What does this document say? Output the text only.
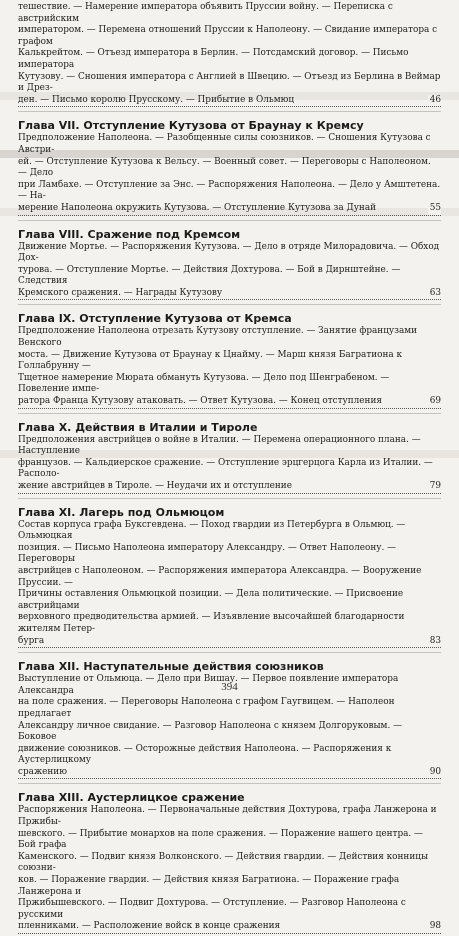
тешествие. — Намерение императора объявить Пруссии войну. — Переписка с австрийским
императором. — Перемена отношений Пруссии к Наполеону. — Свидание императора с графом
Калькрейтом. — Отъезд императора в Берлин. — Потсдамский договор. — Письмо императора
Кутузову. — Сношения императора с Англией в Швецию. — Отъезд из Берлина в Веймар и Дрез-
ден. — Письмо королю Прусскому. — Прибытие в Ольмюц	46
Глава VII. Отступление Кутузова от Браунау к Кремсу
Предположение Наполеона. — Разобщенные силы союзников. — Сношения Кутузова с Австри-
ей. — Отступление Кутузова к Вельсу. — Военный совет. — Переговоры с Наполеоном. — Дело
при Ламбахе. — Отступление за Энс. — Распоряжения Наполеона. — Дело у Амштетена. — На-
мерение Наполеона окружить Кутузова. — Отступление Кутузова за Дунай	55
Глава VIII. Сражение под Кремсом
Движение Мортье. — Распоряжения Кутузова. — Дело в отряде Милорадовича. — Обход Дох-
турова. — Отступление Мортье. — Действия Дохтурова. — Бой в Дирнштейне. — Следствия
Кремского сражения. — Награды Кутузову	63
Глава IX. Отступление Кутузова от Кремса
Предположение Наполеона отрезать Кутузову отступление. — Занятие французами Венского
моста. — Движение Кутузова от Браунау к Цнайму. — Марш князя Багратиона к Голлабрунну —
Тщетное намерение Мюрата обмануть Кутузова. — Дело под Шенграбеном. — Повеление импе-
ратора Франца Кутузову атаковать. — Ответ Кутузова. — Конец отступления	69
Глава X. Действия в Италии и Тироле
Предположения австрийцев о войне в Италии. — Перемена операционного плана. — Наступление
французов. — Кальдиерское сражение. — Отступление эрцгерцога Карла из Италии. — Располо-
жение австрийцев в Тироле. — Неудачи их и отступление	79
Глава XI. Лагерь под Ольмюцом
Состав корпуса графа Буксгевдена. — Поход гвардии из Петербурга в Ольмюц. — Ольмюцкая
позиция. — Письмо Наполеона императору Александру. — Ответ Наполеону. — Переговоры
австрийцев с Наполеоном. — Распоряжения императора Александра. — Вооружение Пруссии. —
Причины оставления Ольмюцкой позиции. — Дела политические. — Присвоение австрийцами
верховного предводительства армией. — Изъявление высочайшей благодарности жителям Петер-
бурга	83
Глава XII. Наступательные действия союзников
Выступление от Ольмюца. — Дело при Вишау. — Первое появление императора Александра
на поле сражения. — Переговоры Наполеона с графом Гаугвицем. — Наполеон предлагает
Александру личное свидание. — Разговор Наполеона с князем Долгоруковым. — Боковое
движение союзников. — Осторожные действия Наполеона. — Распоряжения к Аустерлицкому
сражению	90
Глава XIII. Аустерлицкое сражение
Распоряжения Наполеона. — Первоначальные действия Дохтурова, графа Ланжерона и Пржибы-
шевского. — Прибытие монархов на поле сражения. — Поражение нашего центра. — Бой графа
Каменского. — Подвиг князя Волконского. — Действия гвардии. — Действия конницы союзни-
ков. — Поражение гвардии. — Действия князя Багратиона. — Поражение графа Ланжерона и
Пржибышевского. — Подвиг Дохтурова. — Отступление. — Разговор Наполеона с русскими
пленниками. — Расположение войск в конце сражения	98
394
